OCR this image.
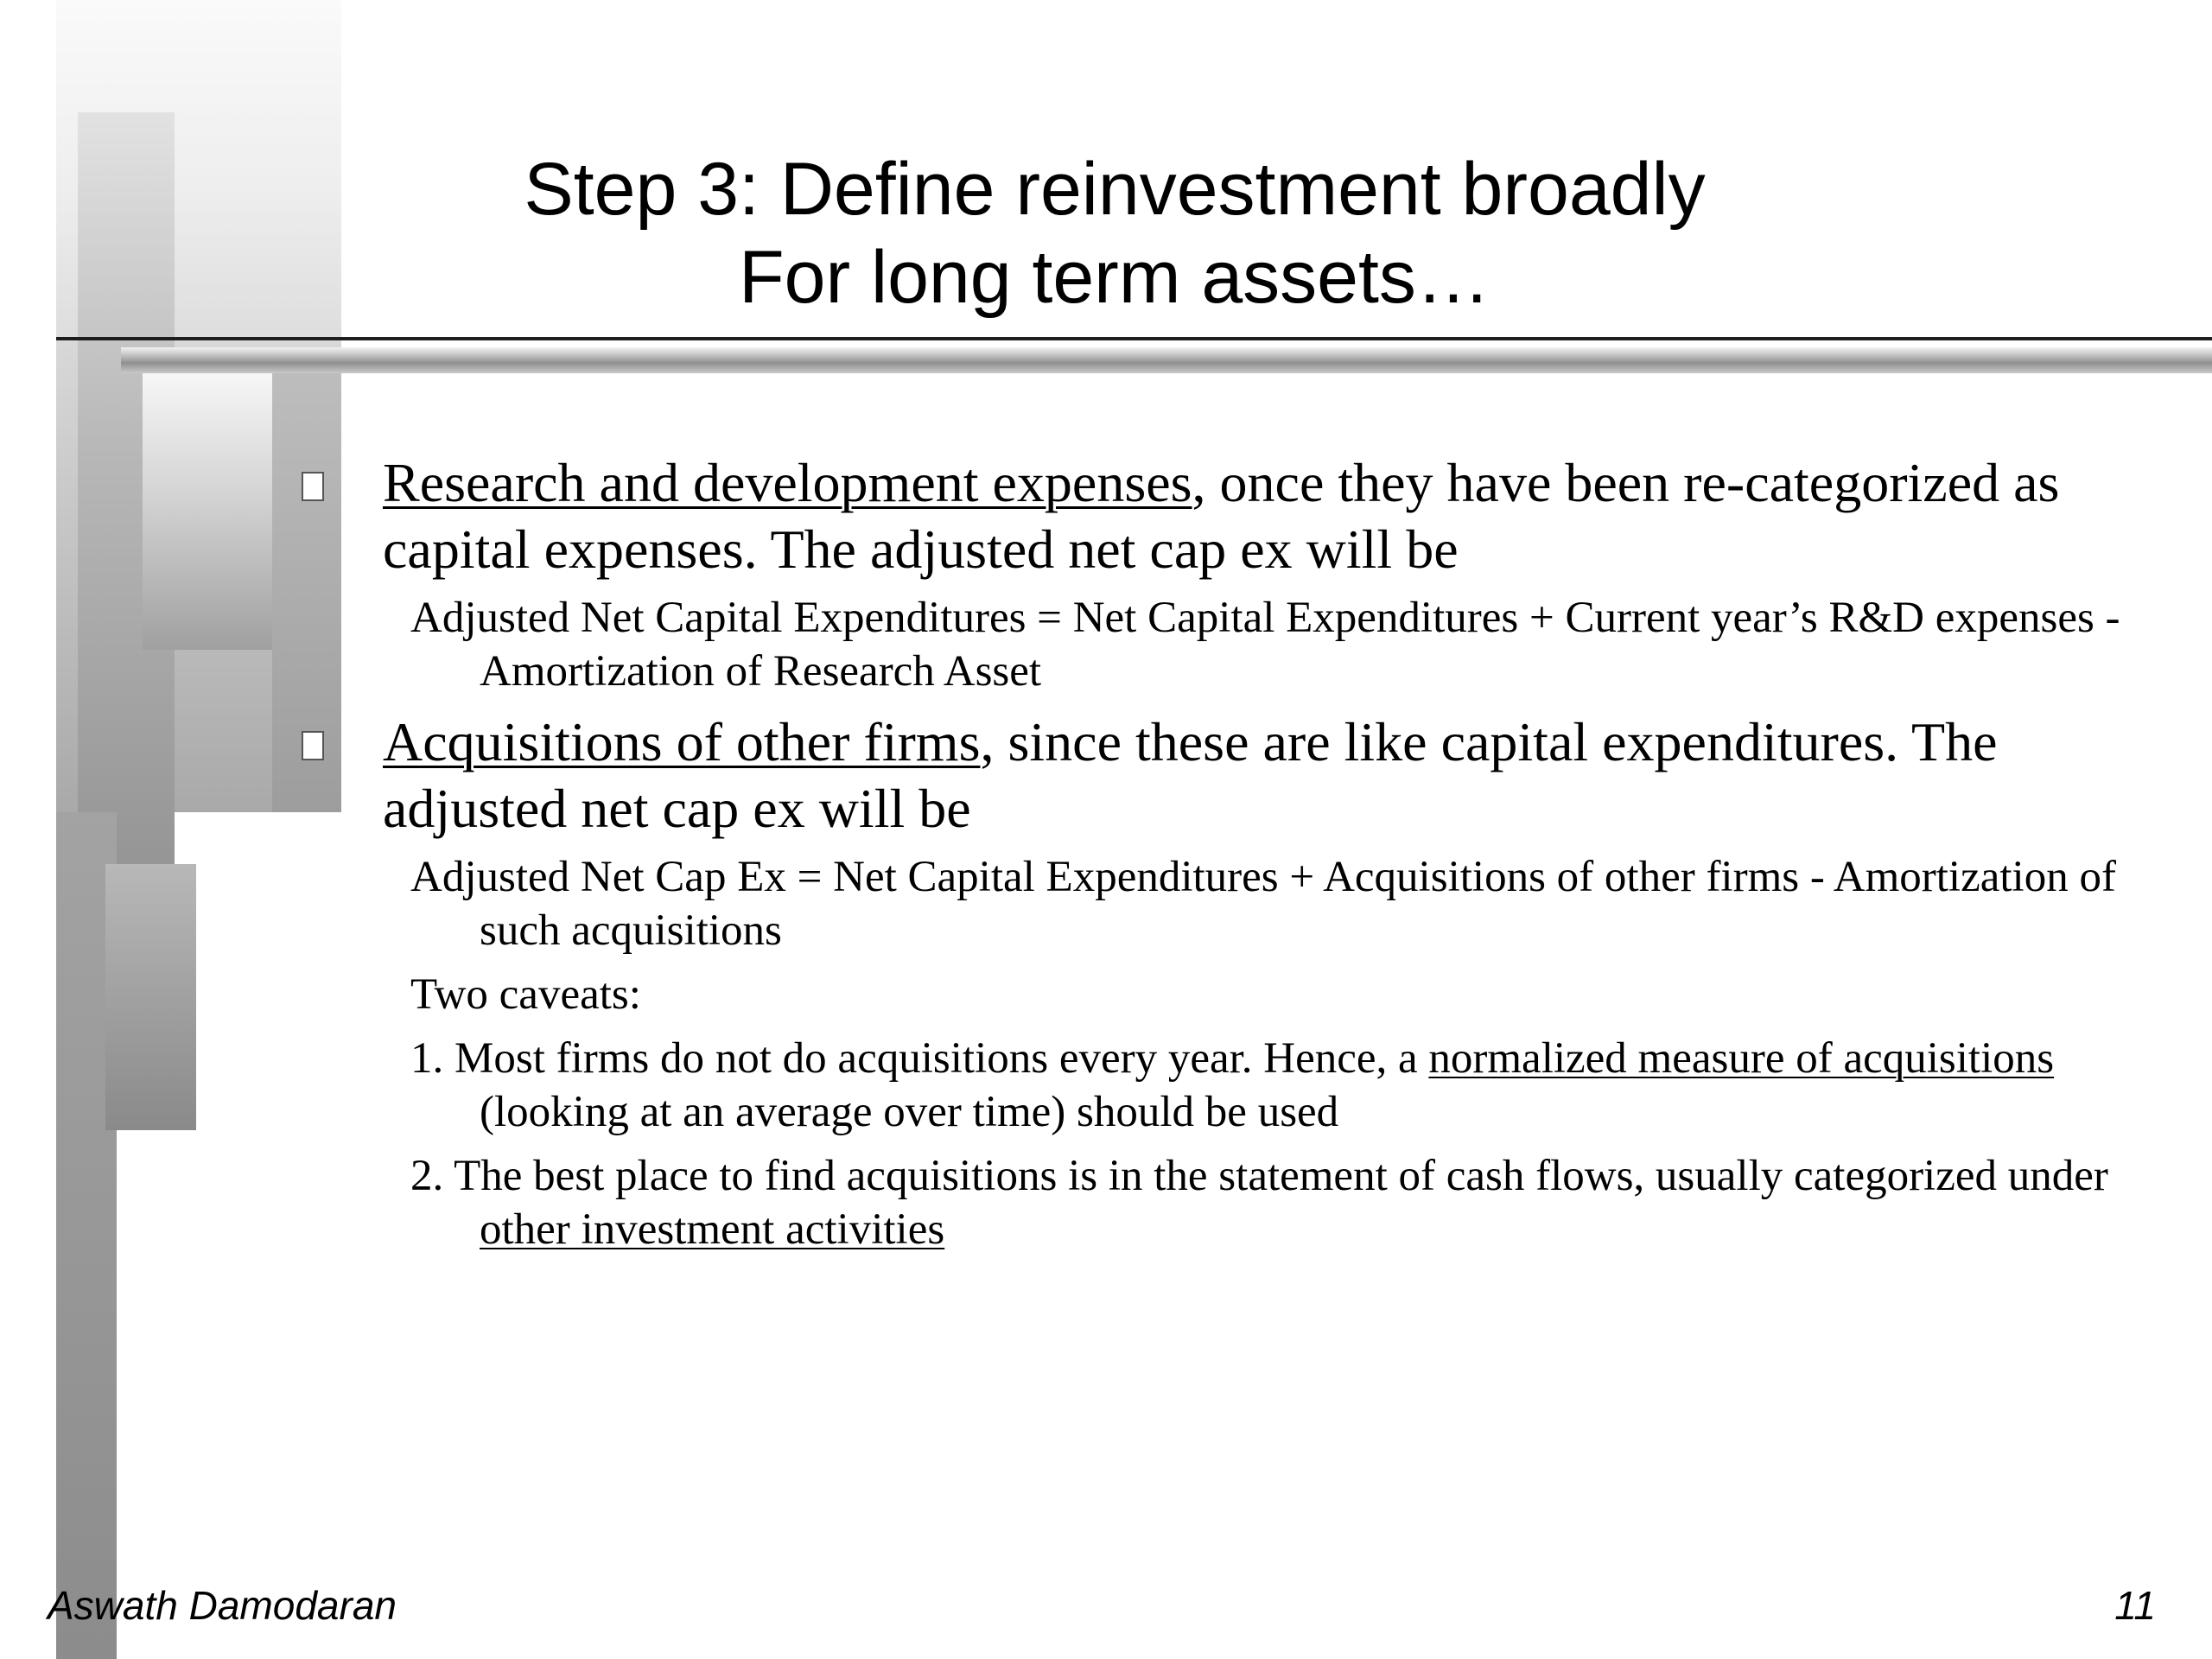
Step 3: Define reinvestment broadly
For long term assets…
Research and development expenses, once they have been re-categorized as capital expenses. The adjusted net cap ex will be
Adjusted Net Capital Expenditures = Net Capital Expenditures + Current year’s R&D expenses - Amortization of Research Asset
Acquisitions of other firms, since these are like capital expenditures. The adjusted net cap ex will be
Adjusted Net Cap Ex = Net Capital Expenditures + Acquisitions of other firms - Amortization of such acquisitions
Two caveats:
1. Most firms do not do acquisitions every year. Hence, a normalized measure of acquisitions (looking at an average over time) should be used
2. The best place to find acquisitions is in the statement of cash flows, usually categorized under other investment activities
Aswath Damodaran	11
